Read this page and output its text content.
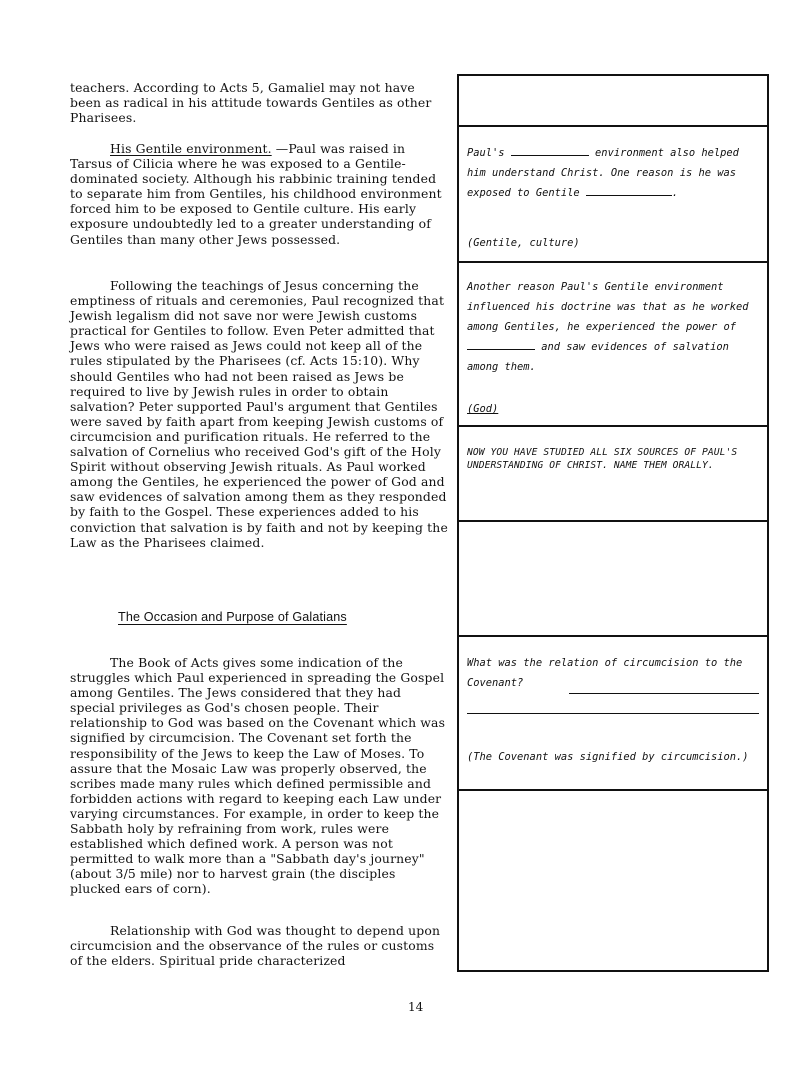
teachers. According to Acts 5, Gamaliel may not have been as radical in his attitude towards Gentiles as other Pharisees.

His Gentile environment. —Paul was raised in Tarsus of Cilicia where he was exposed to a Gentile-dominated society. Although his rabbinic training tended to separate him from Gentiles, his childhood environment forced him to be exposed to Gentile culture. His early exposure undoubtedly led to a greater understanding of Gentiles than many other Jews possessed.

Following the teachings of Jesus concerning the emptiness of rituals and ceremonies, Paul recognized that Jewish legalism did not save nor were Jewish customs practical for Gentiles to follow. Even Peter admitted that Jews who were raised as Jews could not keep all of the rules stipulated by the Pharisees (cf. Acts 15:10). Why should Gentiles who had not been raised as Jews be required to live by Jewish rules in order to obtain salvation? Peter supported Paul's argument that Gentiles were saved by faith apart from keeping Jewish customs of circumcision and purification rituals. He referred to the salvation of Cornelius who received God's gift of the Holy Spirit without observing Jewish rituals. As Paul worked among the Gentiles, he experienced the power of God and saw evidences of salvation among them as they responded by faith to the Gospel. These experiences added to his conviction that salvation is by faith and not by keeping the Law as the Pharisees claimed.

The Occasion and Purpose of Galatians

The Book of Acts gives some indication of the struggles which Paul experienced in spreading the Gospel among Gentiles. The Jews considered that they had special privileges as God's chosen people. Their relationship to God was based on the Covenant which was signified by circumcision. The Covenant set forth the responsibility of the Jews to keep the Law of Moses. To assure that the Mosaic Law was properly observed, the scribes made many rules which defined permissible and forbidden actions with regard to keeping each Law under varying circumstances. For example, in order to keep the Sabbath holy by refraining from work, rules were established which defined work. A person was not permitted to walk more than a "Sabbath day's journey" (about 3/5 mile) nor to harvest grain (the disciples plucked ears of corn).

Relationship with God was thought to depend upon circumcision and the observance of the rules or customs of the elders. Spiritual pride characterized

Paul's	environment also helped him understand Christ. One reason is he was exposed to Gentile	.
(Gentile, culture)
Another reason Paul's Gentile environment influenced his doctrine was that as he worked among Gentiles, he experienced the power of  and saw evidences of salvation among them.
(God)
NOW YOU HAVE STUDIED ALL SIX SOURCES OF PAUL'S UNDERSTANDING OF CHRIST. NAME THEM ORALLY.
What was the relation of circumcision to the Covenant?
(The Covenant was signified by circumcision.)
14
